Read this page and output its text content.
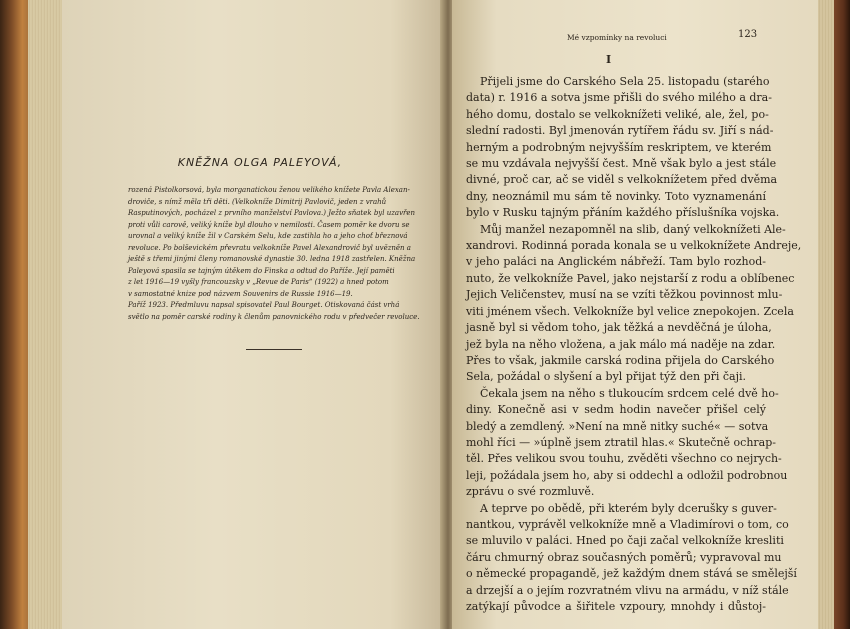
KNĚŽNA OLGA PALEYOVÁ,
rozená Pistolkorsová, byla morganatickou ženou velikého knížete Pavla Alexan-
droviče, s nímž měla tři děti. (Velkokníže Dimitrij Pavlovič, jeden z vrahů
Rasputinových, pocházel z prvního manželství Pavlova.) Ježto sňatek byl uzavřen
proti vůli carově, veliký kníže byl dlouho v nemilosti. Časem poměr ke dvoru se
urovnal a veliký kníže žil v Carském Selu, kde zastihla ho a jeho choť březnová
revoluce. Po bolševickém převratu velkokníže Pavel Alexandrovič byl uvězněn a
ještě s třemi jinými členy romanovské dynastie 30. ledna 1918 zastřelen. Kněžna
Paleyová spasila se tajným útěkem do Finska a odtud do Paříže. Její paměti
z let 1916—19 vyšly francouzsky v „Revue de Paris“ (1922) a hned potom
v samostatné knize pod názvem Souvenirs de Russie 1916—19.
Paříž 1923. Předmluvu napsal spisovatel Paul Bourget. Otiskovaná část vrhá
světlo na poměr carské rodiny k členům panovnického rodu v předvečer revoluce.
Mé vzpomínky na revoluci	123
I
Přijeli jsme do Carského Sela 25. listopadu (starého
data) r. 1916 a sotva jsme přišli do svého milého a dra-
hého domu, dostalo se velkoknížeti veliké, ale, žel, po-
slední radosti. Byl jmenován rytířem řádu sv. Jiří s nád-
herným a podrobným nejvyšším reskriptem, ve kterém
se mu vzdávala nejvyšší čest. Mně však bylo a jest stále
divné, proč car, ač se viděl s velkoknížetem před dvěma
dny, neoznámil mu sám tě novinky. Toto vyznamenání
bylo v Rusku tajným přáním každého příslušníka vojska.
Můj manžel nezapomněl na slib, daný velkoknížeti Ale-
xandrovi. Rodinná porada konala se u velkoknížete Andreje,
v jeho paláci na Anglickém nábřeží. Tam bylo rozhod-
nuto, že velkokníže Pavel, jako nejstarší z rodu a oblíbenec
Jejich Veličenstev, musí na se vzíti těžkou povinnost mlu-
viti jménem všech. Velkokníže byl velice znepokojen. Zcela
jasně byl si vědom toho, jak těžká a nevděčná je úloha,
jež byla na něho vložena, a jak málo má naděje na zdar.
Přes to však, jakmile carská rodina přijela do Carského
Sela, požádal o slyšení a byl přijat týž den při čaji.
Čekala jsem na něho s tlukoucím srdcem celé dvě ho-
diny. Konečně asi v sedm hodin navečer přišel celý
bledý a zemdlený. »Není na mně nitky suché« — sotva
mohl říci — »úplně jsem ztratil hlas.« Skutečně ochrap-
těl. Přes velikou svou touhu, zvěděti všechno co nejrych-
leji, požádala jsem ho, aby si oddechl a odložil podrobnou
zprávu o své rozmluvě.
A teprve po obědě, při kterém byly dcerušky s guver-
nantkou, vyprávěl velkokníže mně a Vladimírovi o tom, co
se mluvilo v paláci. Hned po čaji začal velkokníže kresliti
čáru chmurný obraz současných poměrů; vypravoval mu
o německé propagandě, jež každým dnem stává se smělejší
a drzejší a o jejím rozvratném vlivu na armádu, v níž stále
zatýkají původce a šiřitele vzpoury, mnohdy i důstoj-
